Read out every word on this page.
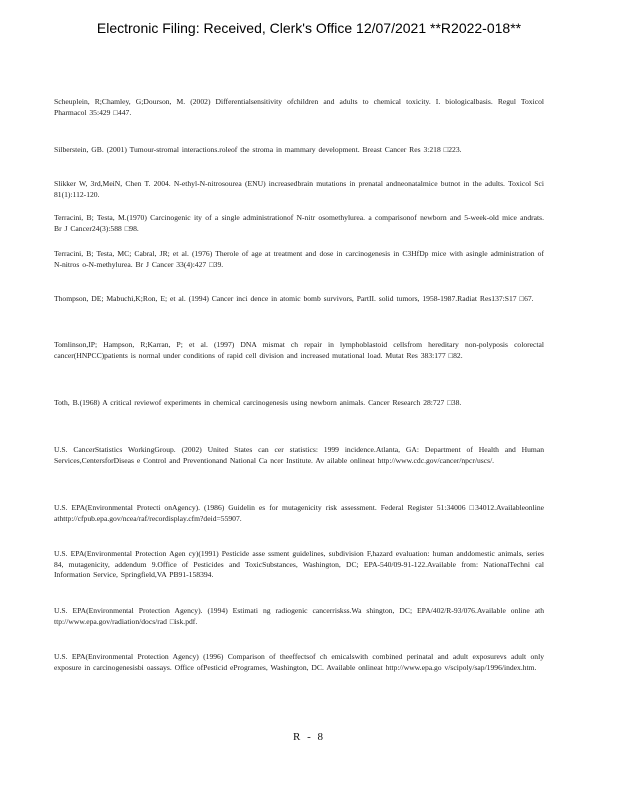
Electronic Filing: Received, Clerk's Office 12/07/2021 **R2022-018**
Scheuplein, R;Chamley, G;Dourson, M. (2002) Differentialsensitivity ofchildren and adults to chemical toxicity. I. biologicalbasis. Regul Toxicol Pharmacol 35:429 □447.
Silberstein, GB. (2001) Tumour-stromal interactions.roleof the stroma in mammary development. Breast Cancer Res 3:218 □223.
Slikker W, 3rd,MeiN, Chen T. 2004. N-ethyl-N-nitrosourea (ENU) increasedbrain mutations in prenatal andneonatalmice butnot in the adults. Toxicol Sci 81(1):112-120.
Terracini, B; Testa, M.(1970) Carcinogenic ity of a single administrationof N-nitr osomethylurea. a comparisonof newborn and 5-week-old mice andrats. Br J Cancer24(3):588 □98.
Terracini, B; Testa, MC; Cabral, JR; et al. (1976) Therole of age at treatment and dose in carcinogenesis in C3HfDp mice with asingle administration of N-nitros o-N-methylurea. Br J Cancer 33(4):427 □39.
Thompson, DE; Mabuchi,K;Ron, E; et al. (1994) Cancer inci dence in atomic bomb survivors, PartII. solid tumors, 1958-1987.Radiat Res137:S17 □67.
Tomlinson,IP; Hampson, R;Karran, P; et al. (1997) DNA mismat ch repair in lymphoblastoid cellsfrom hereditary non-polyposis colorectal cancer(HNPCC)patients is normal under conditions of rapid cell division and increased mutational load. Mutat Res 383:177 □82.
Toth, B.(1968) A critical reviewof experiments in chemical carcinogenesis using newborn animals. Cancer Research 28:727 □38.
U.S. CancerStatistics WorkingGroup. (2002) United States can cer statistics: 1999 incidence.Atlanta, GA: Department of Health and Human Services,CentersforDiseas e Control and Preventionand National Ca ncer Institute. Av ailable onlineat http://www.cdc.gov/cancer/npcr/uscs/.
U.S. EPA(Environmental Protecti onAgency). (1986) Guidelin es for mutagenicity risk assessment. Federal Register 51:34006 □34012.Availableonline athttp://cfpub.epa.gov/ncea/raf/recordisplay.cfm?deid=55907.
U.S. EPA(Environmental Protection Agen cy)(1991) Pesticide asse ssment guidelines, subdivision F,hazard evaluation: human anddomestic animals, series 84, mutagenicity, addendum 9.Office of Pesticides and ToxicSubstances, Washington, DC; EPA-540/09-91-122.Available from: NationalTechni cal Information Service, Springfield,VA PB91-158394.
U.S. EPA(Environmental Protection Agency). (1994) Estimati ng radiogenic cancerriskss.Wa shington, DC; EPA/402/R-93/076.Available online ath ttp://www.epa.gov/radiation/docs/rad □isk.pdf.
U.S. EPA(Environmental Protection Agency) (1996) Comparison of theeffectsof ch emicalswith combined perinatal and adult exposurevs adult only exposure in carcinogenesisbi oassays. Office ofPesticid eProgrames, Washington, DC. Available onlineat http://www.epa.go v/scipoly/sap/1996/index.htm.
R - 8
